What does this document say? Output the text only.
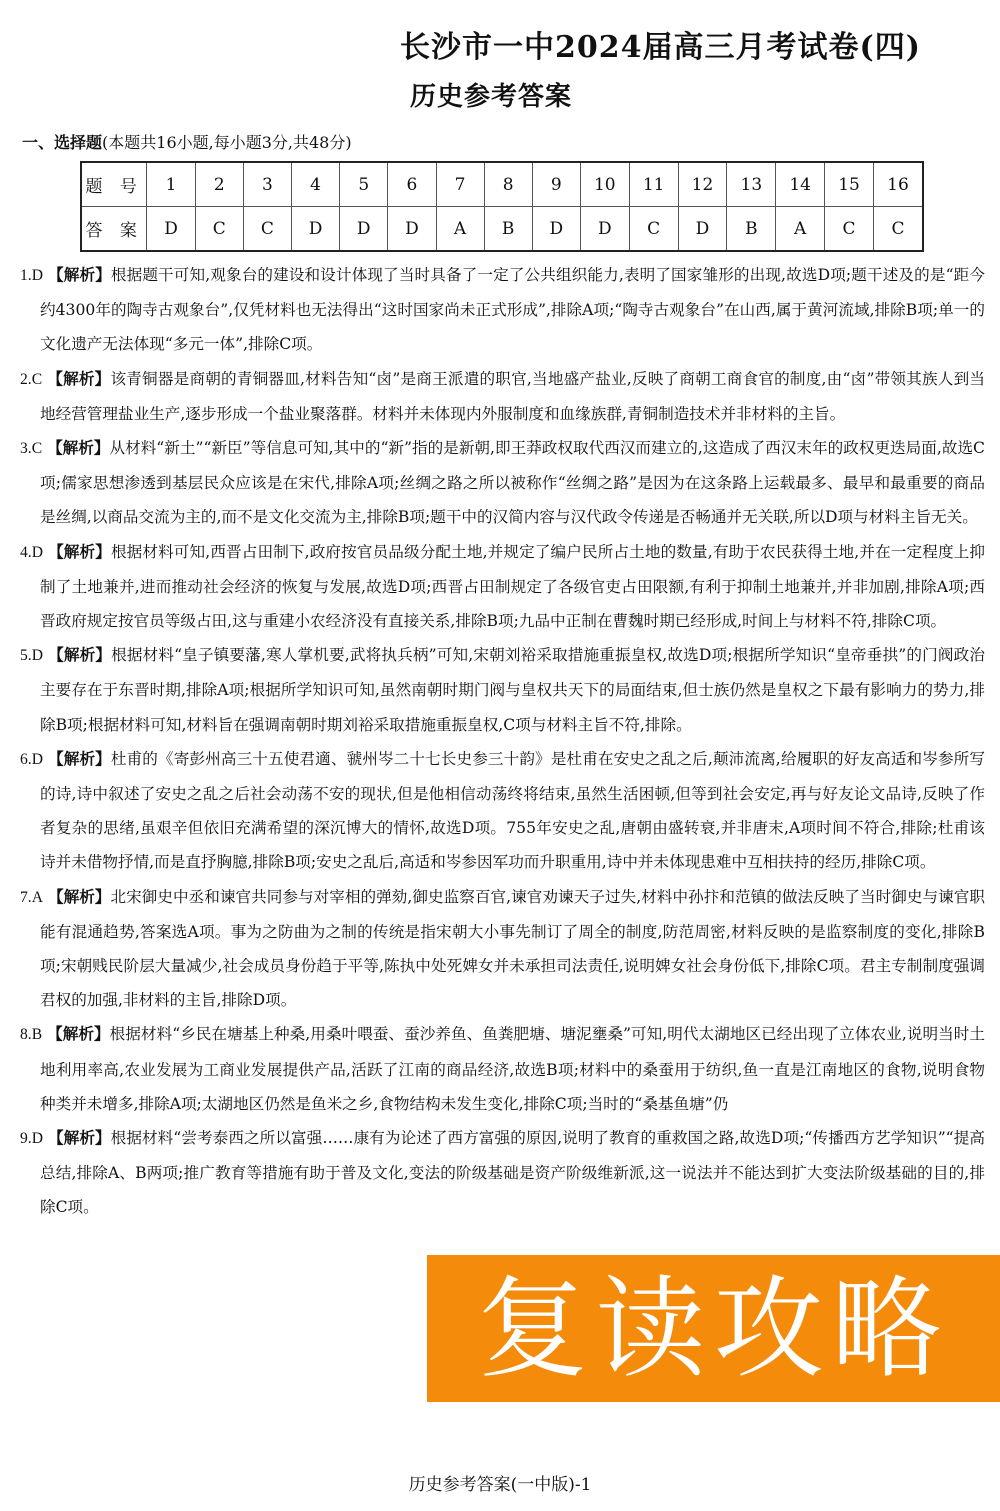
长沙市一中2024届高三月考试卷(四)
历史参考答案
一、选择题(本题共16小题,每小题3分,共48分)
题 号	1	2	3	4	5	6	7	8	9	10	11	12	13	14	15	16
答 案	D	C	C	D	D	D	A	B	D	D	C	D	B	A	C	C

1.D 【解析】根据题干可知,观象台的建设和设计体现了当时具备了一定了公共组织能力,表明了国家雏形的出现,故选D项;题干述及的是“距今约4300年的陶寺古观象台”,仅凭材料也无法得出“这时国家尚未正式形成”,排除A项;“陶寺古观象台”在山西,属于黄河流域,排除B项;单一的文化遗产无法体现“多元一体”,排除C项。

2.C 【解析】该青铜器是商朝的青铜器皿,材料告知“卤”是商王派遣的职官,当地盛产盐业,反映了商朝工商食官的制度,由“卤”带领其族人到当地经营管理盐业生产,逐步形成一个盐业聚落群。材料并未体现内外服制度和血缘族群,青铜制造技术并非材料的主旨。

3.C 【解析】从材料“新土”“新臣”等信息可知,其中的“新”指的是新朝,即王莽政权取代西汉而建立的,这造成了西汉末年的政权更迭局面,故选C项;儒家思想渗透到基层民众应该是在宋代,排除A项;丝绸之路之所以被称作“丝绸之路”是因为在这条路上运载最多、最早和最重要的商品是丝绸,以商品交流为主的,而不是文化交流为主,排除B项;题干中的汉简内容与汉代政令传递是否畅通并无关联,所以D项与材料主旨无关。

4.D 【解析】根据材料可知,西晋占田制下,政府按官员品级分配土地,并规定了编户民所占土地的数量,有助于农民获得土地,并在一定程度上抑制了土地兼并,进而推动社会经济的恢复与发展,故选D项;西晋占田制规定了各级官吏占田限额,有利于抑制土地兼并,并非加剧,排除A项;西晋政府规定按官员等级占田,这与重建小农经济没有直接关系,排除B项;九品中正制在曹魏时期已经形成,时间上与材料不符,排除C项。

5.D 【解析】根据材料“皇子镇要藩,寒人掌机要,武将执兵柄”可知,宋朝刘裕采取措施重振皇权,故选D项;根据所学知识“皇帝垂拱”的门阀政治主要存在于东晋时期,排除A项;根据所学知识可知,虽然南朝时期门阀与皇权共天下的局面结束,但士族仍然是皇权之下最有影响力的势力,排除B项;根据材料可知,材料旨在强调南朝时期刘裕采取措施重振皇权,C项与材料主旨不符,排除。

6.D 【解析】杜甫的《寄彭州高三十五使君適、虢州岑二十七长史参三十韵》是杜甫在安史之乱之后,颠沛流离,给履职的好友高适和岑参所写的诗,诗中叙述了安史之乱之后社会动荡不安的现状,但是他相信动荡终将结束,虽然生活困顿,但等到社会安定,再与好友论文品诗,反映了作者复杂的思绪,虽艰辛但依旧充满希望的深沉博大的情怀,故选D项。755年安史之乱,唐朝由盛转衰,并非唐末,A项时间不符合,排除;杜甫该诗并未借物抒情,而是直抒胸臆,排除B项;安史之乱后,高适和岑参因军功而升职重用,诗中并未体现患难中互相扶持的经历,排除C项。

7.A 【解析】北宋御史中丞和谏官共同参与对宰相的弹劾,御史监察百官,谏官劝谏天子过失,材料中孙抃和范镇的做法反映了当时御史与谏官职能有混通趋势,答案选A项。事为之防曲为之制的传统是指宋朝大小事先制订了周全的制度,防范周密,材料反映的是监察制度的变化,排除B项;宋朝贱民阶层大量减少,社会成员身份趋于平等,陈执中处死婢女并未承担司法责任,说明婢女社会身份低下,排除C项。君主专制制度强调君权的加强,非材料的主旨,排除D项。

8.B 【解析】根据材料“乡民在塘基上种桑,用桑叶喂蚕、蚕沙养鱼、鱼粪肥塘、塘泥壅桑”可知,明代太湖地区已经出现了立体农业,说明当时土地利用率高,农业发展为工商业发展提供产品,活跃了江南的商品经济,故选B项;材料中的桑蚕用于纺织,鱼一直是江南地区的食物,说明食物种类并未增多,排除A项;太湖地区仍然是鱼米之乡,食物结构未发生变化,排除C项;当时的“桑基鱼塘”仍

9.D 【解析】根据材料“尝考泰西之所以富强……康有为论述了西方富强的原因,说明了教育的重救国之路,故选D项;“传播西方艺学知识”“提高总结,排除A、B两项;推广教育等措施有助于普及文化,变法的阶级基础是资产阶级维新派,这一说法并不能达到扩大变法阶级基础的目的,排除C项。

复读攻略
历史参考答案(一中版)-1
